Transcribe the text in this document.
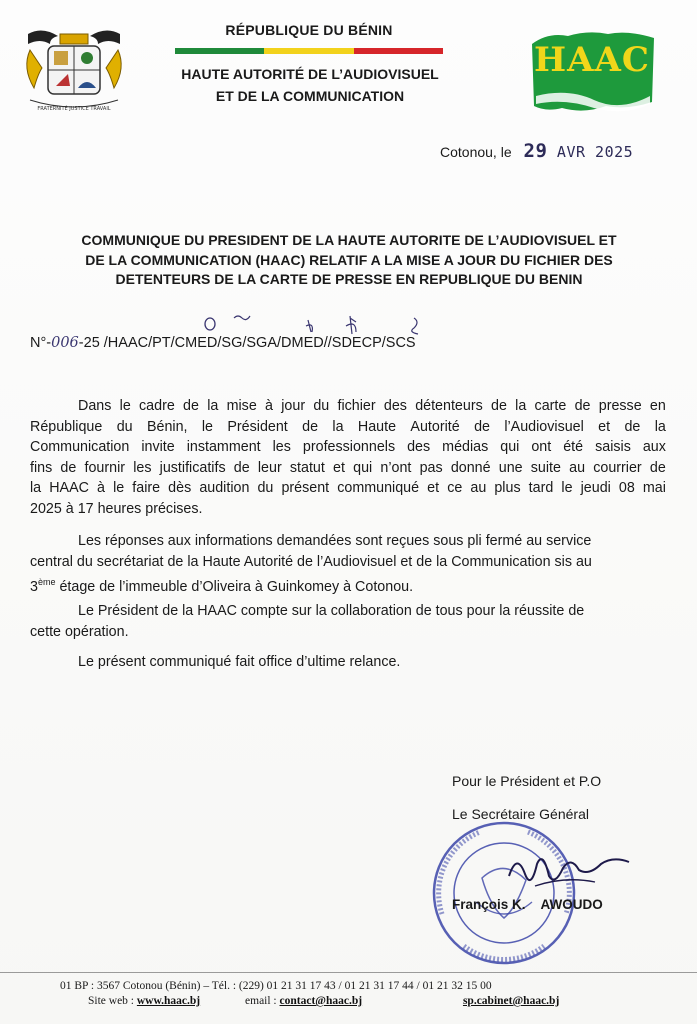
FRATERNITÉ JUSTICE TRAVAIL
RÉPUBLIQUE DU BÉNIN
HAUTE AUTORITÉ DE L’AUDIOVISUEL
ET DE LA COMMUNICATION
HAAC
Cotonou, le 29 AVR 2025
COMMUNIQUE DU PRESIDENT DE LA HAUTE AUTORITE DE L’AUDIOVISUEL ET
DE LA COMMUNICATION (HAAC) RELATIF A LA MISE A JOUR DU FICHIER DES
DETENTEURS DE LA CARTE DE PRESSE EN REPUBLIQUE DU BENIN
N°-006-25 /HAAC/PT/CMED/SG/SGA/DMED//SDECP/SCS
Dans le cadre de la mise à jour du fichier des détenteurs de la carte de presse en
République du Bénin, le Président de la Haute Autorité de l’Audiovisuel et de la
Communication invite instamment les professionnels des médias qui ont été saisis aux
fins de fournir les justificatifs de leur statut et qui n’ont pas donné une suite au courrier de
la HAAC à le faire dès audition du présent communiqué et ce au plus tard le jeudi 08 mai
2025 à 17 heures précises.
Les réponses aux informations demandées sont reçues sous pli fermé au service
central du secrétariat de la Haute Autorité de l’Audiovisuel et de la Communication sis au
3ème étage de l’immeuble d’Oliveira à Guinkomey à Cotonou.
Le Président de la HAAC compte sur la collaboration de tous pour la réussite de
cette opération.
Le présent communiqué fait office d’ultime relance.
Pour le Président et P.O
Le Secrétaire Général
François K. AWOUDO
01 BP : 3567 Cotonou (Bénin) – Tél. : (229) 01 21 31 17 43 / 01 21 31 17 44 / 01 21 32 15 00
Site web : www.haac.bj	email : contact@haac.bj	sp.cabinet@haac.bj
